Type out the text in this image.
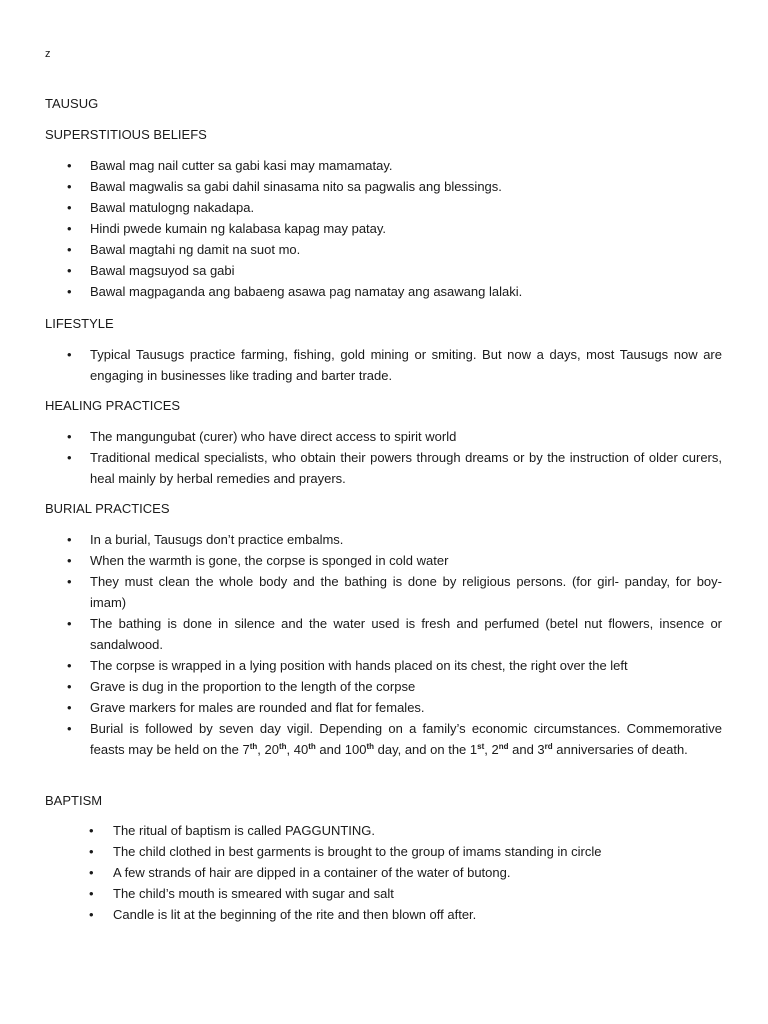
z
TAUSUG
SUPERSTITIOUS BELIEFS
• Bawal mag nail cutter sa gabi kasi may mamamatay.
• Bawal magwalis sa gabi dahil sinasama nito sa pagwalis ang blessings.
• Bawal matulogng nakadapa.
• Hindi pwede kumain ng kalabasa kapag may patay.
• Bawal magtahi ng damit na suot mo.
• Bawal magsuyod sa gabi
• Bawal magpaganda ang babaeng asawa pag namatay ang asawang lalaki.
LIFESTYLE
• Typical Tausugs practice farming, fishing, gold mining or smiting. But now a days, most Tausugs now are engaging in businesses like trading and barter trade.
HEALING PRACTICES
• The mangungubat (curer) who have direct access to spirit world
• Traditional medical specialists, who obtain their powers through dreams or by the instruction of older curers, heal mainly by herbal remedies and prayers.
BURIAL PRACTICES
• In a burial, Tausugs don’t practice embalms.
• When the warmth is gone, the corpse is sponged in cold water
• They must clean the whole body and the bathing is done by religious persons. (for girl- panday, for boy- imam)
• The bathing is done in silence and the water used is fresh and perfumed (betel nut flowers, insence or sandalwood.
• The corpse is wrapped in a lying position with hands placed on its chest, the right over the left
• Grave is dug in the proportion to the length of the corpse
• Grave markers for males are rounded and flat for females.
• Burial is followed by seven day vigil. Depending on a family’s economic circumstances. Commemorative feasts may be held on the 7th, 20th, 40th and 100th day, and on the 1st, 2nd and 3rd anniversaries of death.
BAPTISM
• The ritual of baptism is called PAGGUNTING.
• The child clothed in best garments is brought to the group of imams standing in circle
• A few strands of hair are dipped in a container of the water of butong.
• The child’s mouth is smeared with sugar and salt
• Candle is lit at the beginning of the rite and then blown off after.
